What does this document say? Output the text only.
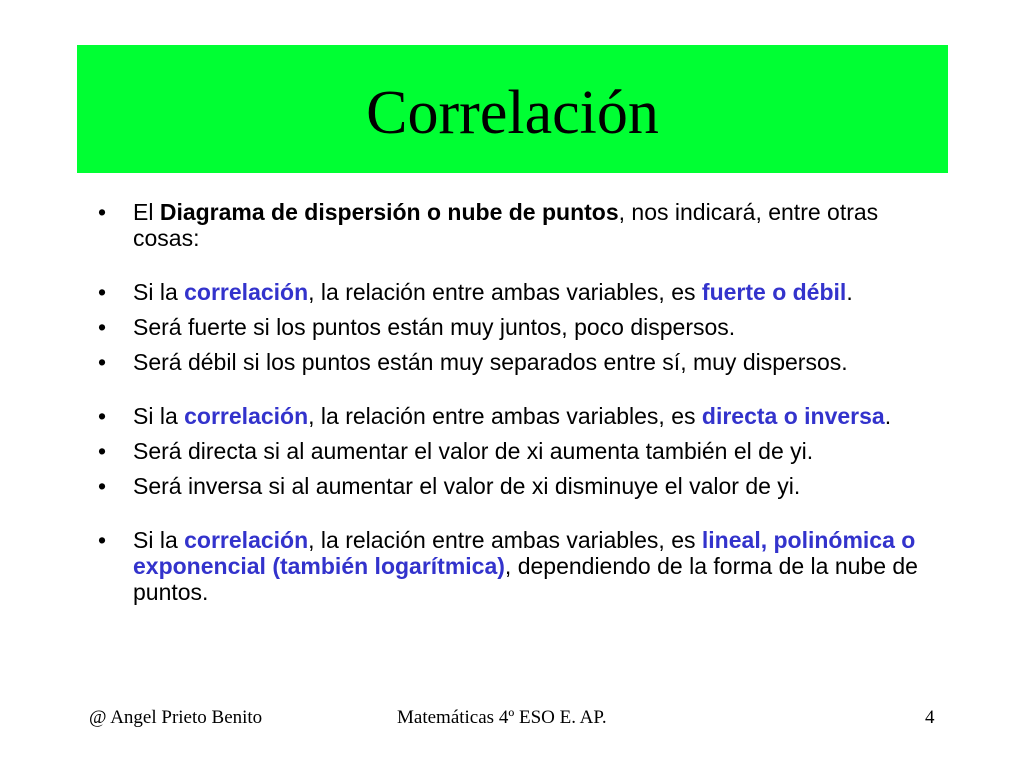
Correlación
• El Diagrama de dispersión o nube de puntos, nos indicará, entre otras cosas:
• Si la correlación, la relación entre ambas variables, es fuerte o débil.
• Será fuerte si los puntos están muy juntos, poco dispersos.
• Será débil si los puntos están muy separados entre sí, muy dispersos.
• Si la correlación, la relación entre ambas variables, es directa o inversa.
• Será directa si al aumentar el valor de xi aumenta también el de yi.
• Será inversa si al aumentar el valor de xi disminuye el valor de yi.
• Si la correlación, la relación entre ambas variables, es lineal, polinómica o exponencial (también logarítmica), dependiendo de la forma de la nube de puntos.
@ Angel Prieto Benito	Matemáticas 4º ESO E. AP.	4
